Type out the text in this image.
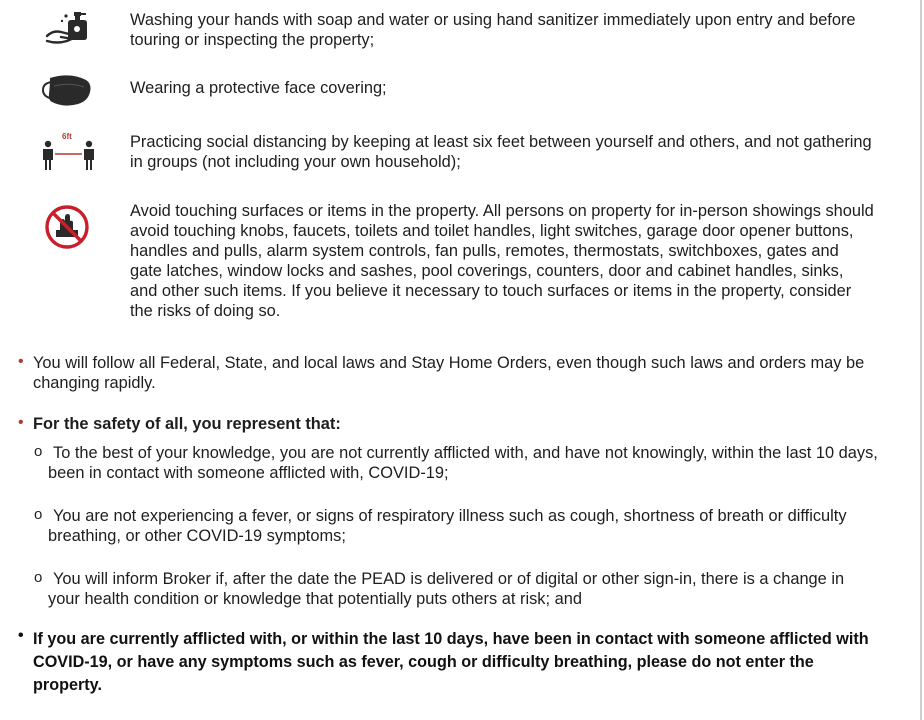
Washing your hands with soap and water or using hand sanitizer immediately upon entry and before touring or inspecting the property;
Wearing a protective face covering;
6ft	Practicing social distancing by keeping at least six feet between yourself and others, and not gathering in groups (not including your own household);
Avoid touching surfaces or items in the property. All persons on property for in-person showings should avoid touching knobs, faucets, toilets and toilet handles, light switches, garage door opener buttons, handles and pulls, alarm system controls, fan pulls, remotes, thermostats, switchboxes, gates and gate latches, window locks and sashes, pool coverings, counters, door and cabinet handles, sinks, and other such items. If you believe it necessary to touch surfaces or items in the property, consider the risks of doing so.
• You will follow all Federal, State, and local laws and Stay Home Orders, even though such laws and orders may be changing rapidly.
• For the safety of all, you represent that:
o To the best of your knowledge, you are not currently afflicted with, and have not knowingly, within the last 10 days, been in contact with someone afflicted with, COVID-19;
o You are not experiencing a fever, or signs of respiratory illness such as cough, shortness of breath or difficulty breathing, or other COVID-19 symptoms;
o You will inform Broker if, after the date the PEAD is delivered or of digital or other sign-in, there is a change in your health condition or knowledge that potentially puts others at risk; and
• If you are currently afflicted with, or within the last 10 days, have been in contact with someone afflicted with COVID-19, or have any symptoms such as fever, cough or difficulty breathing, please do not enter the property.
